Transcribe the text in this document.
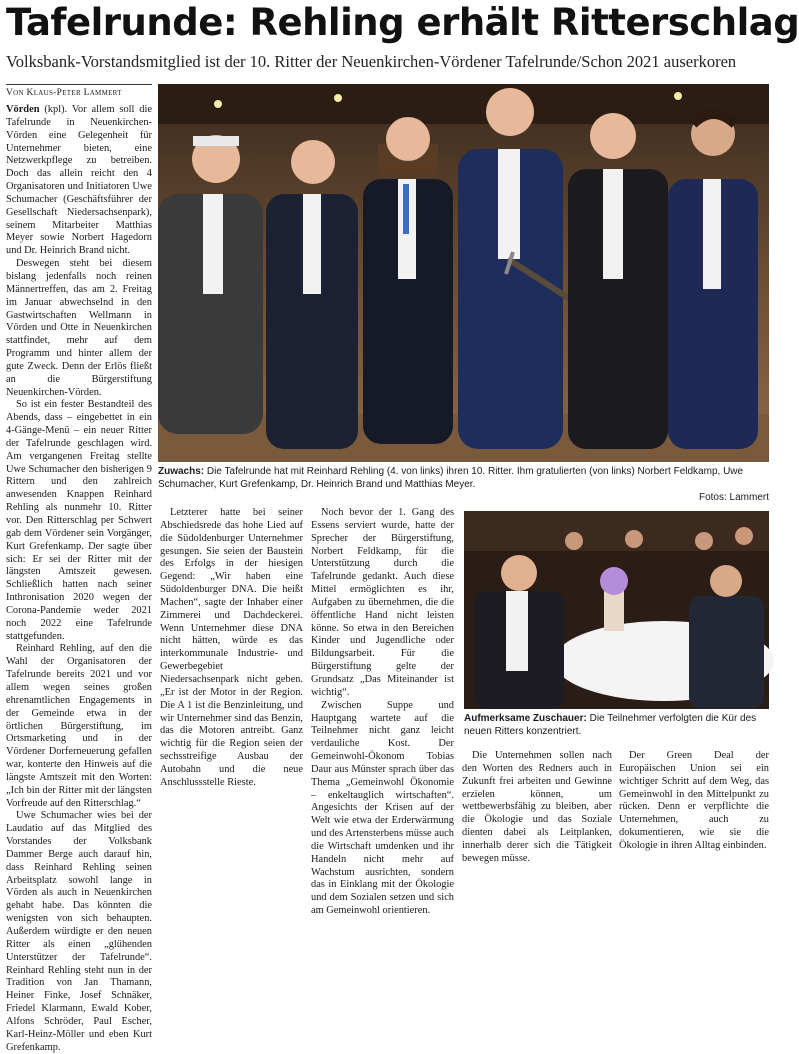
Tafelrunde: Rehling erhält Ritterschlag
Volksbank-Vorstandsmitglied ist der 10. Ritter der Neuenkirchen-Vördener Tafelrunde/Schon 2021 auserkoren
Von Klaus-Peter Lammert
Zuwachs: Die Tafelrunde hat mit Reinhard Rehling (4. von links) ihren 10. Ritter. Ihm gratulierten (von links) Norbert Feldkamp, Uwe Schumacher, Kurt Grefenkamp, Dr. Heinrich Brand und Matthias Meyer.
Fotos: Lammert
Aufmerksame Zuschauer: Die Teilnehmer verfolgten die Kür des neuen Ritters konzentriert.

Vörden (kpl). Vor allem soll die Tafelrunde in Neuenkirchen-Vörden eine Gelegenheit für Unternehmer bieten, eine Netzwerkpflege zu betreiben. Doch das allein reicht den 4 Organisatoren und Initiatoren Uwe Schumacher (Geschäftsführer der Gesellschaft Niedersachsenpark), seinem Mitarbeiter Matthias Meyer sowie Norbert Hagedorn und Dr. Heinrich Brand nicht.

Deswegen steht bei diesem bislang jedenfalls noch reinen Männertreffen, das am 2. Freitag im Januar abwechselnd in den Gastwirtschaften Wellmann in Vörden und Otte in Neuenkirchen stattfindet, mehr auf dem Programm und hinter allem der gute Zweck. Denn der Erlös fließt an die Bürgerstiftung Neuenkirchen-Vörden.

So ist ein fester Bestandteil des Abends, dass – eingebettet in ein 4-Gänge-Menü – ein neuer Ritter der Tafelrunde geschlagen wird. Am vergangenen Freitag stellte Uwe Schumacher den bisherigen 9 Rittern und den zahlreich anwesenden Knappen Reinhard Rehling als nunmehr 10. Ritter vor. Den Ritterschlag per Schwert gab dem Vördener sein Vorgänger, Kurt Grefenkamp. Der sagte über sich: Er sei der Ritter mit der längsten Amtszeit gewesen. Schließlich hatten nach seiner Inthronisation 2020 wegen der Corona-Pandemie weder 2021 noch 2022 eine Tafelrunde stattgefunden.

Reinhard Rehling, auf den die Wahl der Organisatoren der Tafelrunde bereits 2021 und vor allem wegen seines großen ehrenamtlichen Engagements in der Gemeinde etwa in der örtlichen Bürgerstiftung, im Ortsmarketing und in der Vördener Dorferneuerung gefallen war, konterte den Hinweis auf die längste Amtszeit mit den Worten: „Ich bin der Ritter mit der längsten Vorfreude auf den Ritterschlag.“

Uwe Schumacher wies bei der Laudatio auf das Mitglied des Vorstandes der Volksbank Dammer Berge auch darauf hin, dass Reinhard Rehling seinen Arbeitsplatz sowohl lange in Vörden als auch in Neuenkirchen gehabt habe. Das könnten die wenigsten von sich behaupten. Außerdem würdigte er den neuen Ritter als einen „glühenden Unterstützer der Tafelrunde“. Reinhard Rehling steht nun in der Tradition von Jan Thamann, Heiner Finke, Josef Schnäker, Friedel Klarmann, Ewald Kober, Alfons Schröder, Paul Escher, Karl-Heinz-Möller und eben Kurt Grefenkamp.

Letzterer hatte bei seiner Abschiedsrede das hohe Lied auf die Südoldenburger Unternehmer gesungen. Sie seien der Baustein des Erfolgs in der hiesigen Gegend: „Wir haben eine Südoldenburger DNA. Die heißt Machen“, sagte der Inhaber einer Zimmerei und Dachdeckerei. Wenn Unternehmer diese DNA nicht hätten, würde es das interkommunale Industrie- und Gewerbegebiet Niedersachsenpark nicht geben. „Er ist der Motor in der Region. Die A 1 ist die Benzinleitung, und wir Unternehmer sind das Benzin, das die Motoren antreibt. Ganz wichtig für die Region seien der sechsstreifige Ausbau der Autobahn und die neue Anschlussstelle Rieste.

Noch bevor der 1. Gang des Essens serviert wurde, hatte der Sprecher der Bürgerstiftung, Norbert Feldkamp, für die Unterstützung durch die Tafelrunde gedankt. Auch diese Mittel ermöglichten es ihr, Aufgaben zu übernehmen, die die öffentliche Hand nicht leisten könne. So etwa in den Bereichen Kinder und Jugendliche oder Bildungsarbeit. Für die Bürgerstiftung gelte der Grundsatz „Das Miteinander ist wichtig“.

Zwischen Suppe und Hauptgang wartete auf die Teilnehmer nicht ganz leicht verdauliche Kost. Der Gemeinwohl-Ökonom Tobias Daur aus Münster sprach über das Thema „Gemeinwohl Ökonomie – enkeltauglich wirtschaften“. Angesichts der Krisen auf der Welt wie etwa der Erderwärmung und des Artensterbens müsse auch die Wirtschaft umdenken und ihr Handeln nicht mehr auf Wachstum ausrichten, sondern das in Einklang mit der Ökologie und dem Sozialen setzen und sich am Gemeinwohl orientieren.

Die Unternehmen sollen nach den Worten des Redners auch in Zukunft frei arbeiten und Gewinne erzielen können, um wettbewerbsfähig zu bleiben, aber die Ökologie und das Soziale dienten dabei als Leitplanken, innerhalb derer sich die Tätigkeit bewegen müsse.

Der Green Deal der Europäischen Union sei ein wichtiger Schritt auf dem Weg, das Gemeinwohl in den Mittelpunkt zu rücken. Denn er verpflichte die Unternehmen, auch zu dokumentieren, wie sie die Ökologie in ihren Alltag einbinden.
